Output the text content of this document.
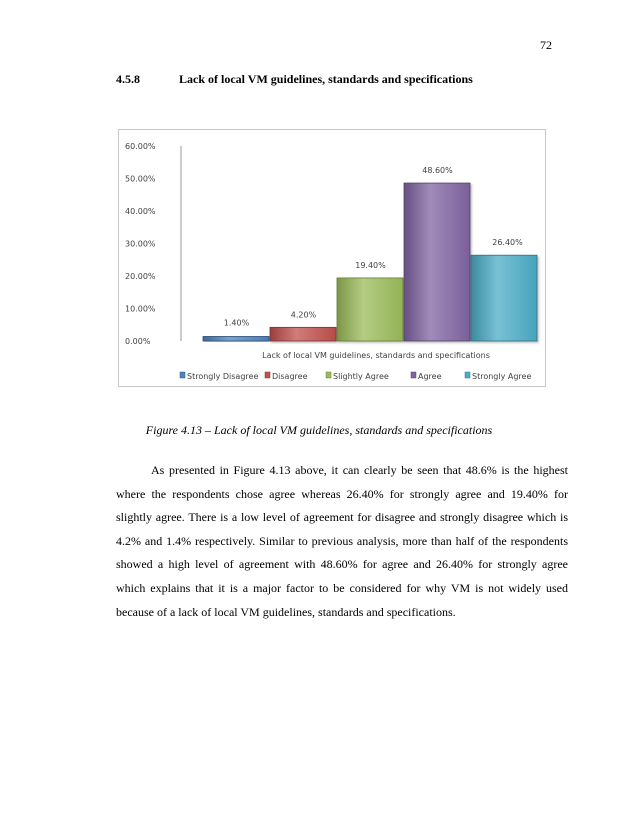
72
4.5.8	Lack of local VM guidelines, standards and specifications
0.00%
10.00%
20.00%
30.00%
40.00%
50.00%
60.00%
1.40%
4.20%
19.40%
48.60%
26.40%
Lack of local VM guidelines, standards and specifications
Strongly Disagree Disagree	Slightly Agree	Agree	Strongly Agree
Figure 4.13 – Lack of local VM guidelines, standards and specifications

As presented in Figure 4.13 above, it can clearly be seen that 48.6% is the highest where the respondents chose agree whereas 26.40% for strongly agree and 19.40% for slightly agree. There is a low level of agreement for disagree and strongly disagree which is 4.2% and 1.4% respectively. Similar to previous analysis, more than half of the respondents showed a high level of agreement with 48.60% for agree and 26.40% for strongly agree which explains that it is a major factor to be considered for why VM is not widely used because of a lack of local VM guidelines, standards and specifications.
